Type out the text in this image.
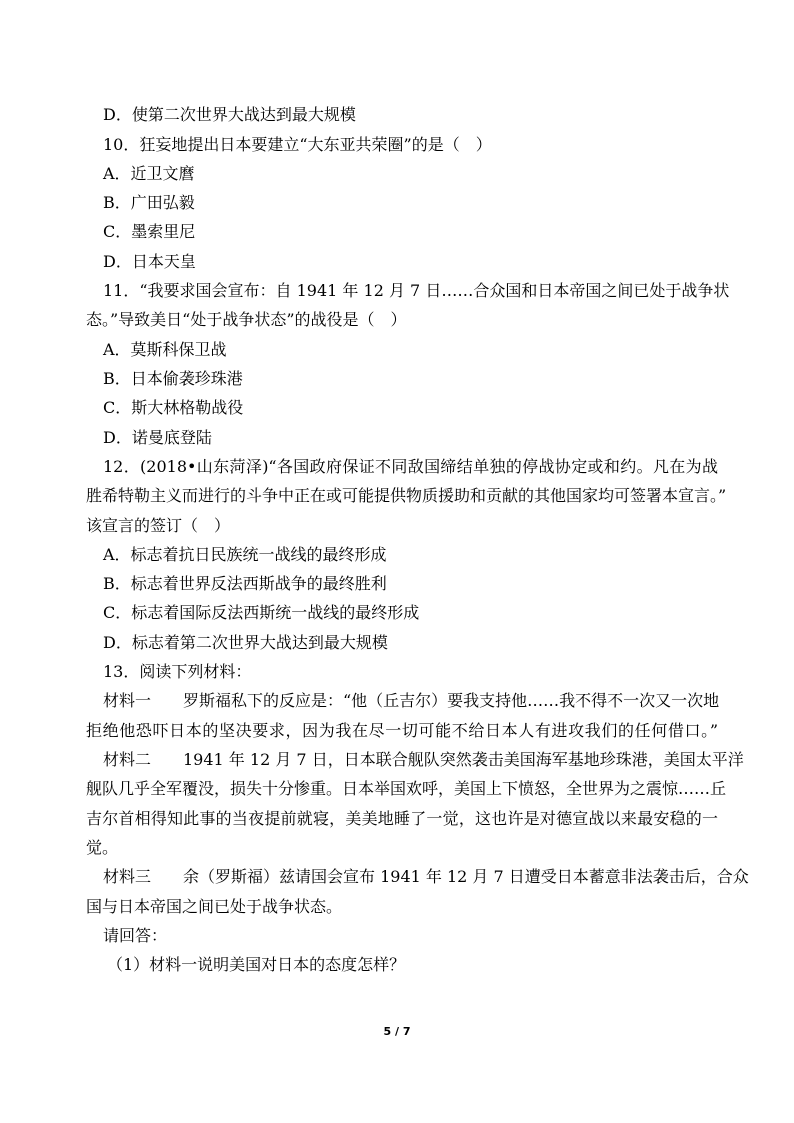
D．使第二次世界大战达到最大规模
10．狂妄地提出日本要建立“大东亚共荣圈”的是（　）
A．近卫文麿
B．广田弘毅
C．墨索里尼
D．日本天皇
11．“我要求国会宣布：自 1941 年 12 月 7 日……合众国和日本帝国之间已处于战争状
态。”导致美日“处于战争状态”的战役是（　）
A．莫斯科保卫战
B．日本偷袭珍珠港
C．斯大林格勒战役
D．诺曼底登陆
12．(2018•山东菏泽)“各国政府保证不同敌国缔结单独的停战协定或和约。凡在为战
胜希特勒主义而进行的斗争中正在或可能提供物质援助和贡献的其他国家均可签署本宣言。”
该宣言的签订（　）
A．标志着抗日民族统一战线的最终形成
B．标志着世界反法西斯战争的最终胜利
C．标志着国际反法西斯统一战线的最终形成
D．标志着第二次世界大战达到最大规模
13．阅读下列材料：
材料一　　罗斯福私下的反应是：“他（丘吉尔）要我支持他……我不得不一次又一次地
拒绝他恐吓日本的坚决要求，因为我在尽一切可能不给日本人有进攻我们的任何借口。”
材料二　　1941 年 12 月 7 日，日本联合舰队突然袭击美国海军基地珍珠港，美国太平洋
舰队几乎全军覆没，损失十分惨重。日本举国欢呼，美国上下愤怒，全世界为之震惊……丘
吉尔首相得知此事的当夜提前就寝，美美地睡了一觉，这也许是对德宣战以来最安稳的一
觉。
材料三　　余（罗斯福）兹请国会宣布 1941 年 12 月 7 日遭受日本蓄意非法袭击后，合众
国与日本帝国之间已处于战争状态。
请回答：
（1）材料一说明美国对日本的态度怎样？
5 / 7
